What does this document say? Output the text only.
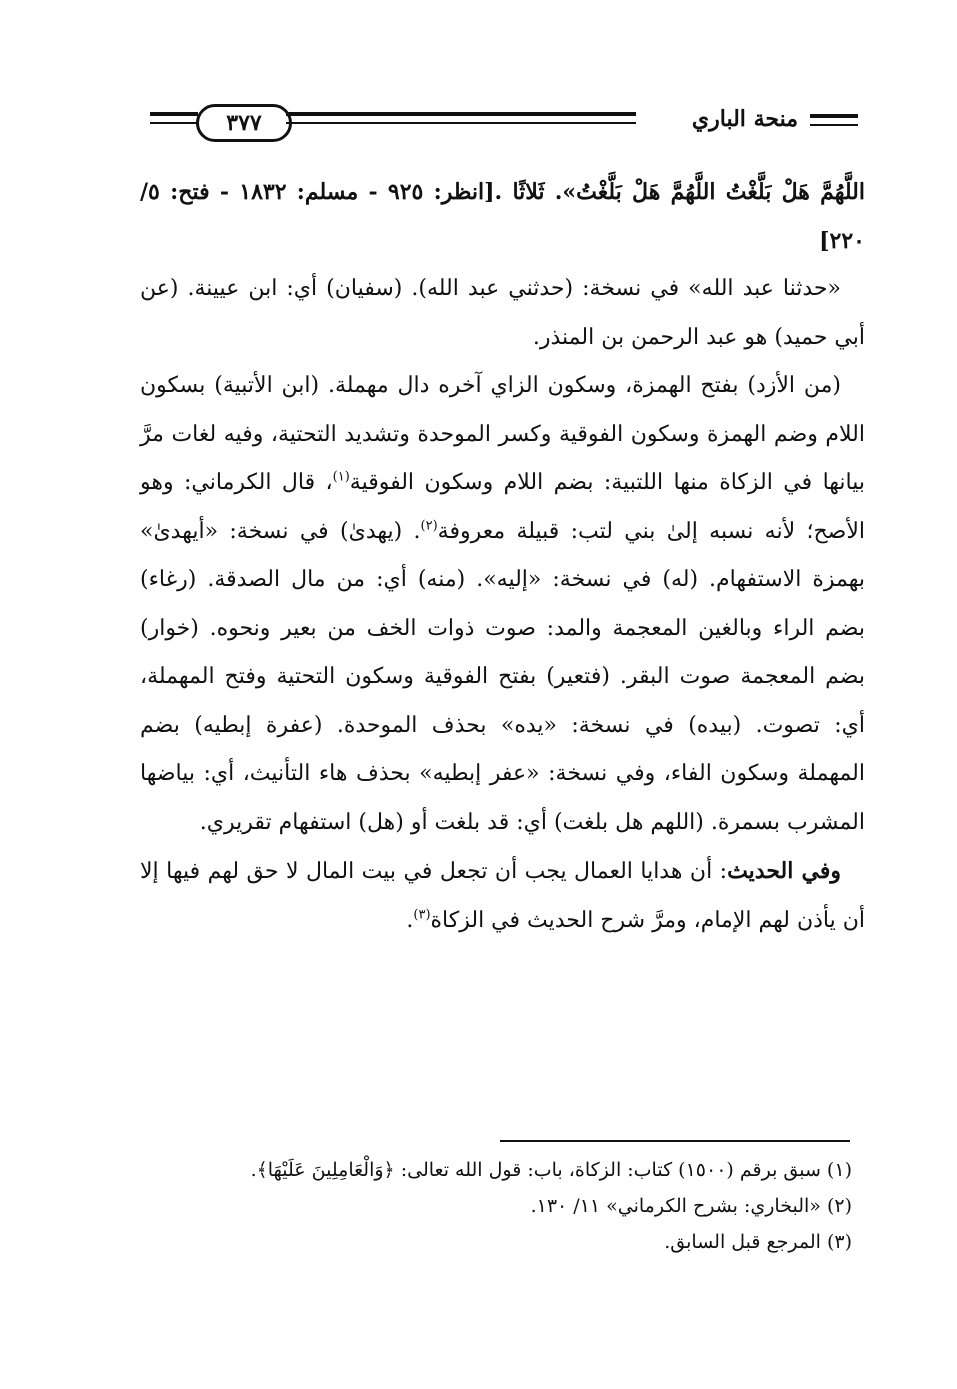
٣٧٧	منحة الباري

اللَّهُمَّ هَلْ بَلَّغْتُ اللَّهُمَّ هَلْ بَلَّغْتُ». ثَلاثًا .[انظر: ٩٢٥ - مسلم: ١٨٣٢ - فتح: ٥/ ٢٢٠]

«حدثنا عبد الله» في نسخة: (حدثني عبد الله). (سفيان) أي: ابن عيينة. (عن أبي حميد) هو عبد الرحمن بن المنذر.

(من الأزد) بفتح الهمزة، وسكون الزاي آخره دال مهملة. (ابن الأتبية) بسكون اللام وضم الهمزة وسكون الفوقية وكسر الموحدة وتشديد التحتية، وفيه لغات مرَّ بيانها في الزكاة منها اللتبية: بضم اللام وسكون الفوقية$^{(١)}$، قال الكرماني: وهو الأصح؛ لأنه نسبه إلىٰ بني لتب: قبيلة معروفة$^{(٢)}$. (يهدىٰ) في نسخة: «أيهدىٰ» بهمزة الاستفهام. (له) في نسخة: «إليه». (منه) أي: من مال الصدقة. (رغاء) بضم الراء وبالغين المعجمة والمد: صوت ذوات الخف من بعير ونحوه. (خوار) بضم المعجمة صوت البقر. (فتعير) بفتح الفوقية وسكون التحتية وفتح المهملة، أي: تصوت. (بيده) في نسخة: «يده» بحذف الموحدة. (عفرة إبطيه) بضم المهملة وسكون الفاء، وفي نسخة: «عفر إبطيه» بحذف هاء التأنيث، أي: بياضها المشرب بسمرة. (اللهم هل بلغت) أي: قد بلغت أو (هل) استفهام تقريري.

وفي الحديث: أن هدايا العمال يجب أن تجعل في بيت المال لا حق لهم فيها إلا أن يأذن لهم الإمام، ومرَّ شرح الحديث في الزكاة$^{(٣)}$.

(١) سبق برقم (١٥٠٠) كتاب: الزكاة، باب: قول الله تعالى: ﴿وَالْعَامِلِينَ عَلَيْهَا﴾.

(٢) «البخاري: بشرح الكرماني» ١١/ ١٣٠.

(٣) المرجع قبل السابق.
